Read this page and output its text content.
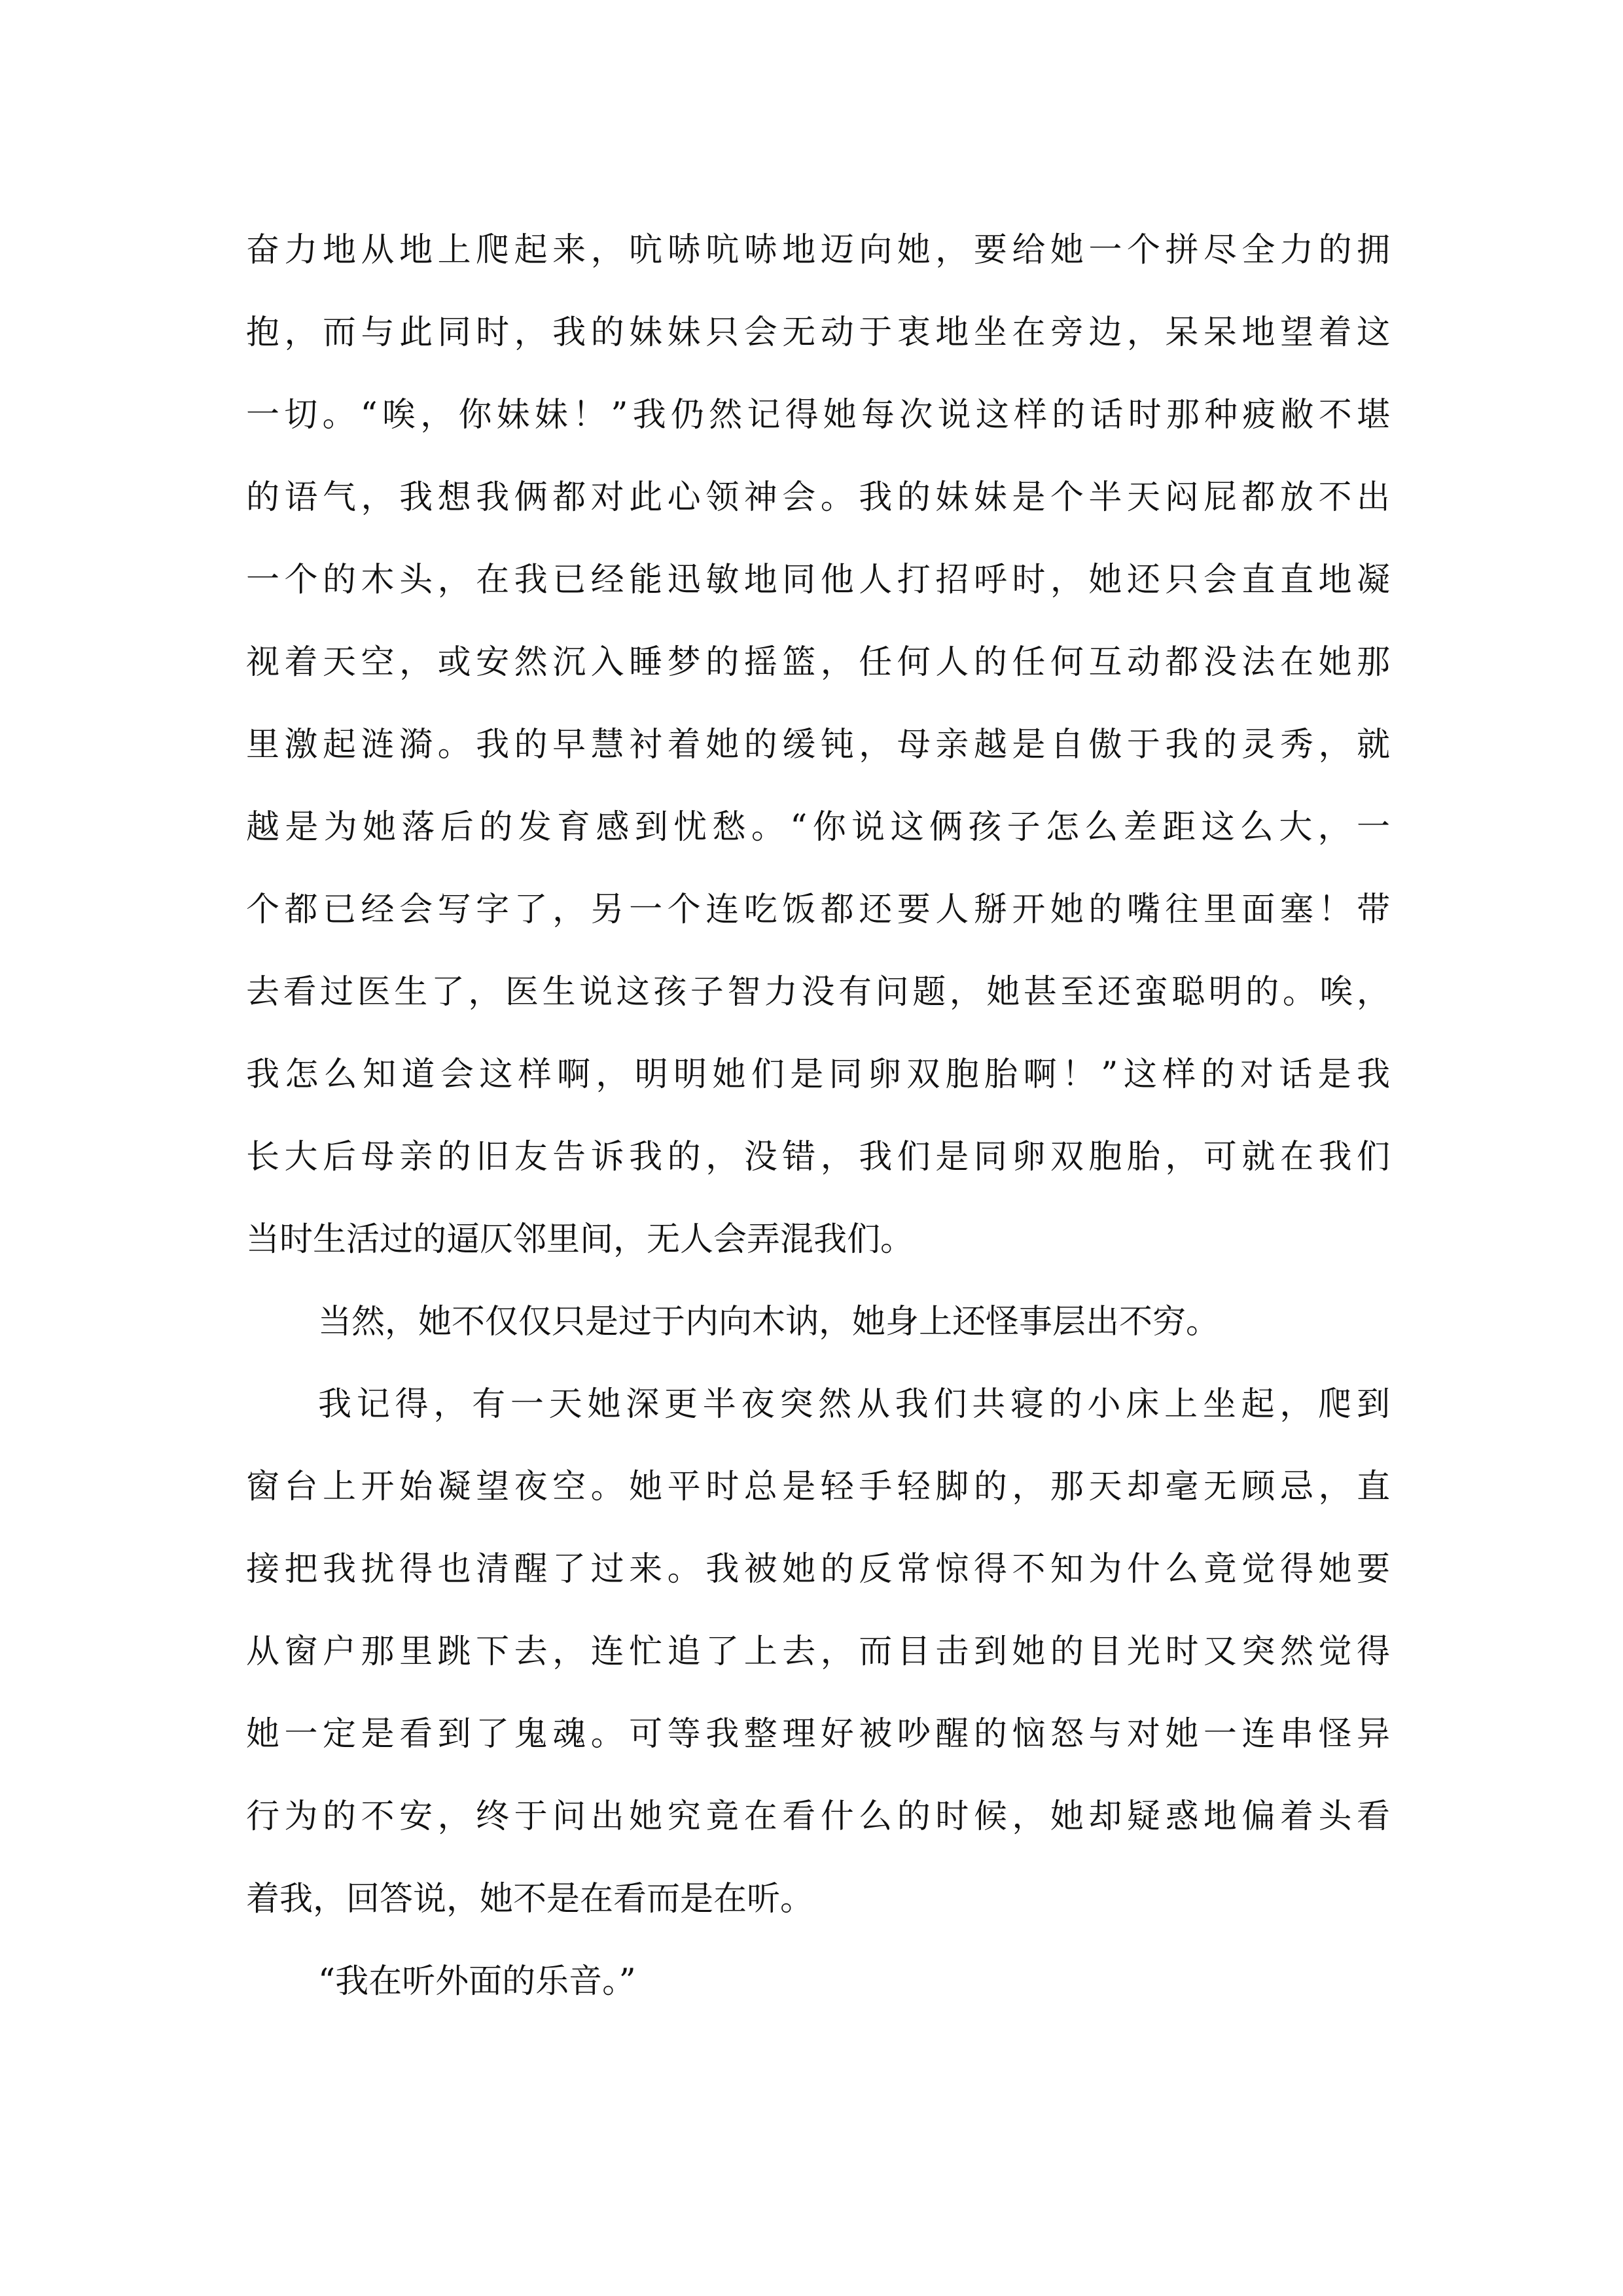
奋力地从地上爬起来，吭哧吭哧地迈向她，要给她一个拼尽全力的拥
抱，而与此同时，我的妹妹只会无动于衷地坐在旁边，呆呆地望着这
一切。“唉，你妹妹！”我仍然记得她每次说这样的话时那种疲敝不堪
的语气，我想我俩都对此心领神会。我的妹妹是个半天闷屁都放不出
一个的木头，在我已经能迅敏地同他人打招呼时，她还只会直直地凝
视着天空，或安然沉入睡梦的摇篮，任何人的任何互动都没法在她那
里激起涟漪。我的早慧衬着她的缓钝，母亲越是自傲于我的灵秀，就
越是为她落后的发育感到忧愁。“你说这俩孩子怎么差距这么大，一
个都已经会写字了，另一个连吃饭都还要人掰开她的嘴往里面塞！带
去看过医生了，医生说这孩子智力没有问题，她甚至还蛮聪明的。唉，
我怎么知道会这样啊，明明她们是同卵双胞胎啊！”这样的对话是我
长大后母亲的旧友告诉我的，没错，我们是同卵双胞胎，可就在我们
当时生活过的逼仄邻里间，无人会弄混我们。
当然，她不仅仅只是过于内向木讷，她身上还怪事层出不穷。
我记得，有一天她深更半夜突然从我们共寝的小床上坐起，爬到
窗台上开始凝望夜空。她平时总是轻手轻脚的，那天却毫无顾忌，直
接把我扰得也清醒了过来。我被她的反常惊得不知为什么竟觉得她要
从窗户那里跳下去，连忙追了上去，而目击到她的目光时又突然觉得
她一定是看到了鬼魂。可等我整理好被吵醒的恼怒与对她一连串怪异
行为的不安，终于问出她究竟在看什么的时候，她却疑惑地偏着头看
着我，回答说，她不是在看而是在听。
“我在听外面的乐音。”
